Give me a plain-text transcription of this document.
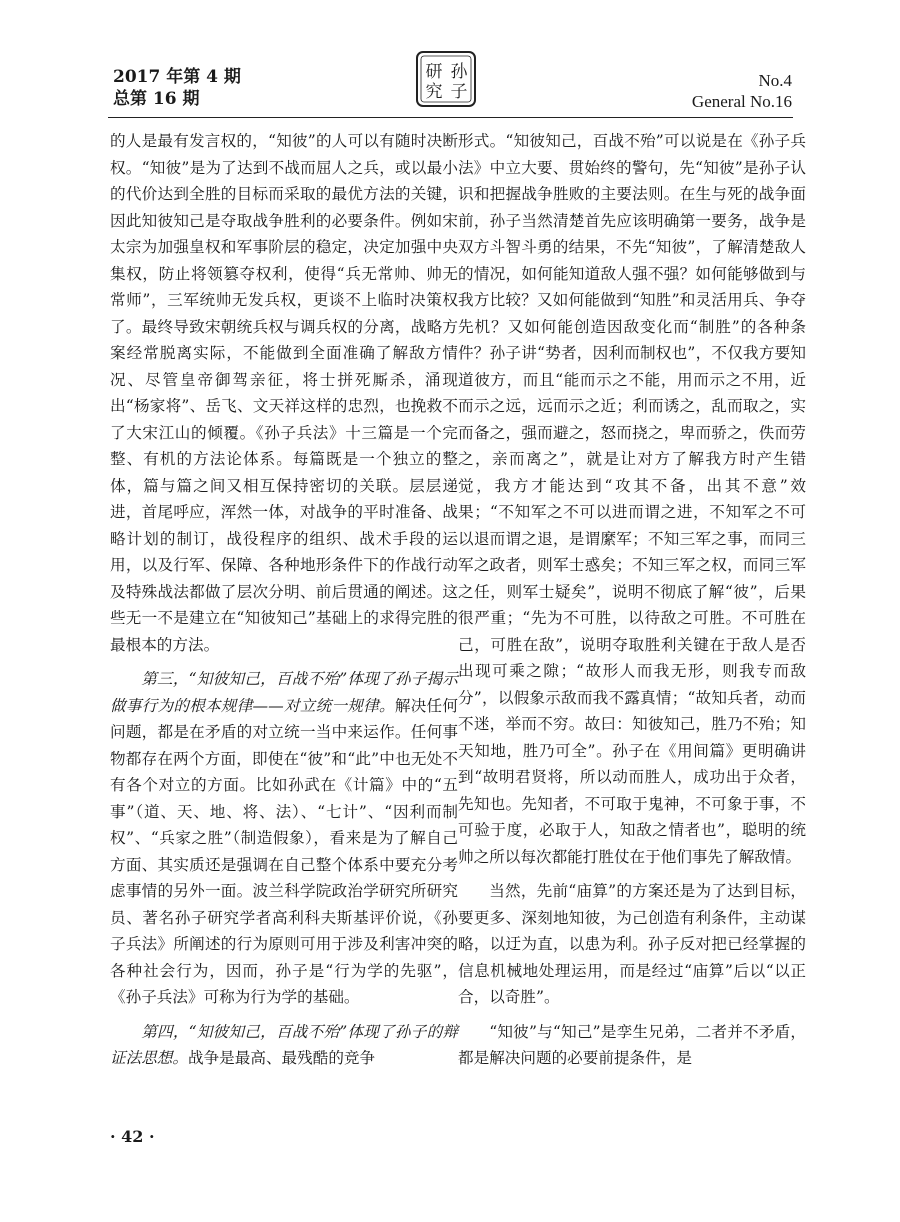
2017 年第 4 期
总第 16 期
孙
子
研
究
No.4
General No.16

的人是最有发言权的，“知彼”的人可以有随时决断权。“知彼”是为了达到不战而屈人之兵，或以最小的代价达到全胜的目标而采取的最优方法的关键，因此知彼知己是夺取战争胜利的必要条件。例如宋太宗为加强皇权和军事阶层的稳定，决定加强中央集权，防止将领篡夺权利，使得“兵无常帅、帅无常师”，三军统帅无发兵权，更谈不上临时决策权了。最终导致宋朝统兵权与调兵权的分离，战略方案经常脱离实际，不能做到全面准确了解敌方情况、尽管皇帝御驾亲征，将士拼死厮杀，涌现出“杨家将”、岳飞、文天祥这样的忠烈，也挽救不了大宋江山的倾覆。《孙子兵法》十三篇是一个完整、有机的方法论体系。每篇既是一个独立的整体，篇与篇之间又相互保持密切的关联。层层递进，首尾呼应，浑然一体，对战争的平时准备、战略计划的制订，战役程序的组织、战术手段的运用，以及行军、保障、各种地形条件下的作战行动及特殊战法都做了层次分明、前后贯通的阐述。这些无一不是建立在“知彼知己”基础上的求得完胜的最根本的方法。

第三，“知彼知己，百战不殆”体现了孙子揭示做事行为的根本规律——对立统一规律。解决任何问题，都是在矛盾的对立统一当中来运作。任何事物都存在两个方面，即使在“彼”和“此”中也无处不有各个对立的方面。比如孙武在《计篇》中的“五事”（道、天、地、将、法）、“七计”、“因利而制权”、“兵家之胜”（制造假象），看来是为了解自己方面、其实质还是强调在自己整个体系中要充分考虑事情的另外一面。波兰科学院政治学研究所研究员、著名孙子研究学者高利科夫斯基评价说，《孙子兵法》所阐述的行为原则可用于涉及利害冲突的各种社会行为，因而，孙子是“行为学的先驱”，《孙子兵法》可称为行为学的基础。

第四，“知彼知己，百战不殆”体现了孙子的辩证法思想。战争是最高、最残酷的竞争

形式。“知彼知己，百战不殆”可以说是在《孙子兵法》中立大要、贯始终的警句，先“知彼”是孙子认识和把握战争胜败的主要法则。在生与死的战争面前，孙子当然清楚首先应该明确第一要务，战争是双方斗智斗勇的结果，不先“知彼”，了解清楚敌人的情况，如何能知道敌人强不强？如何能够做到与我方比较？又如何能做到“知胜”和灵活用兵、争夺先机？又如何能创造因敌变化而“制胜”的各种条件？孙子讲“势者，因利而制权也”，不仅我方要知道彼方，而且“能而示之不能，用而示之不用，近而示之远，远而示之近；利而诱之，乱而取之，实而备之，强而避之，怒而挠之，卑而骄之，佚而劳之，亲而离之”，就是让对方了解我方时产生错觉，我方才能达到“攻其不备，出其不意”效果；“不知军之不可以进而谓之进，不知军之不可以退而谓之退，是谓縻军；不知三军之事，而同三军之政者，则军士惑矣；不知三军之权，而同三军之任，则军士疑矣”，说明不彻底了解“彼”，后果很严重；“先为不可胜，以待敌之可胜。不可胜在己，可胜在敌”，说明夺取胜利关键在于敌人是否出现可乘之隙；“故形人而我无形，则我专而敌分”，以假象示敌而我不露真情；“故知兵者，动而不迷，举而不穷。故曰：知彼知己，胜乃不殆；知天知地，胜乃可全”。孙子在《用间篇》更明确讲到“故明君贤将，所以动而胜人，成功出于众者，先知也。先知者，不可取于鬼神，不可象于事，不可验于度，必取于人，知敌之情者也”，聪明的统帅之所以每次都能打胜仗在于他们事先了解敌情。

当然，先前“庙算”的方案还是为了达到目标，要更多、深刻地知彼，为己创造有利条件，主动谋略，以迂为直，以患为利。孙子反对把已经掌握的信息机械地处理运用，而是经过“庙算”后以“以正合，以奇胜”。

“知彼”与“知己”是孪生兄弟，二者并不矛盾，都是解决问题的必要前提条件，是

· 42 ·
